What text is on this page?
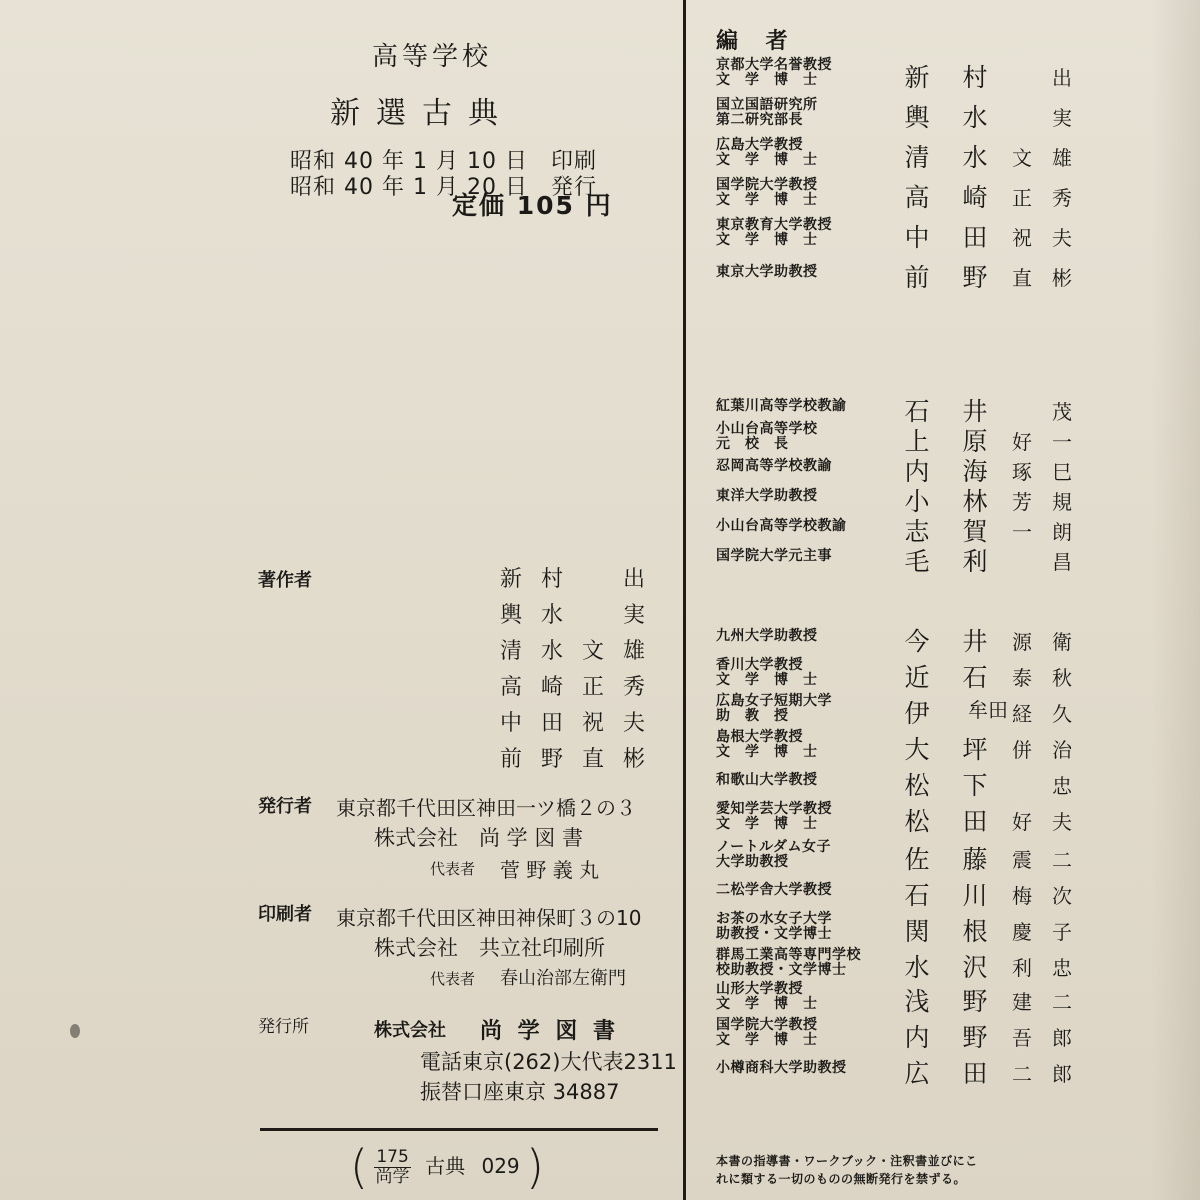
高等学校
新選古典
昭和 40 年 1 月 10 日　印刷
昭和 40 年 1 月 20 日　発行
定価 105 円
著作者	新 村 　 出
輿 水 　 実
清 水 文 雄
高 崎 正 秀
中 田 祝 夫
前 野 直 彬
発行者 東京都千代田区神田一ツ橋２の３
株式会社　尚 学 図 書
代表者 菅 野 義 丸
印刷者 東京都千代田区神田神保町３の10
株式会社　共立社印刷所
代表者 春山治部左衛門
発行所	株式会社 尚 学 図 書
電話東京(262)大代表2311
振替口座東京 34887
( $\frac{175}{\text{尚学}}$ 古典 029 )
編 者
京都大学名誉教授
文　学　博　士	新 村	出
国立国語研究所
第二研究部長	輿 水	実
広島大学教授
文　学　博　士	清 水 文 雄
国学院大学教授
文　学　博　士	高 崎 正 秀
東京教育大学教授
文　学　博　士	中 田 祝 夫
東京大学助教授	前 野 直 彬
紅葉川高等学校教諭 石 井	茂
小山台高等学校
元　校　長	上 原 好 一
忍岡高等学校教諭	内 海 琢 巳
東洋大学助教授	小 林 芳 規
小山台高等学校教諭 志 賀 一 朗
国学院大学元主事	毛 利	昌
九州大学助教授	今 井 源 衛
香川大学教授
文　学　博　士	近 石 泰 秋
広島女子短期大学
助　教　授	伊	牟田 経 久
島根大学教授
文　学　博　士	大 坪 併 治
和歌山大学教授	松 下	忠
愛知学芸大学教授
文　学　博　士	松 田 好 夫
ノートルダム女子
大学助教授	佐 藤 震 二
二松学舎大学教授	石 川 梅 次
お茶の水女子大学
助教授・文学博士	関 根 慶 子
群馬工業高等専門学校
校助教授・文学博士	水 沢 利 忠
山形大学教授
文　学　博　士	浅 野 建 二
国学院大学教授
文　学　博　士	内 野 吾 郎
小樽商科大学助教授 広 田 二 郎
本書の指導書・ワークブック・注釈書並びにこ
れに類する一切のものの無断発行を禁ずる。
